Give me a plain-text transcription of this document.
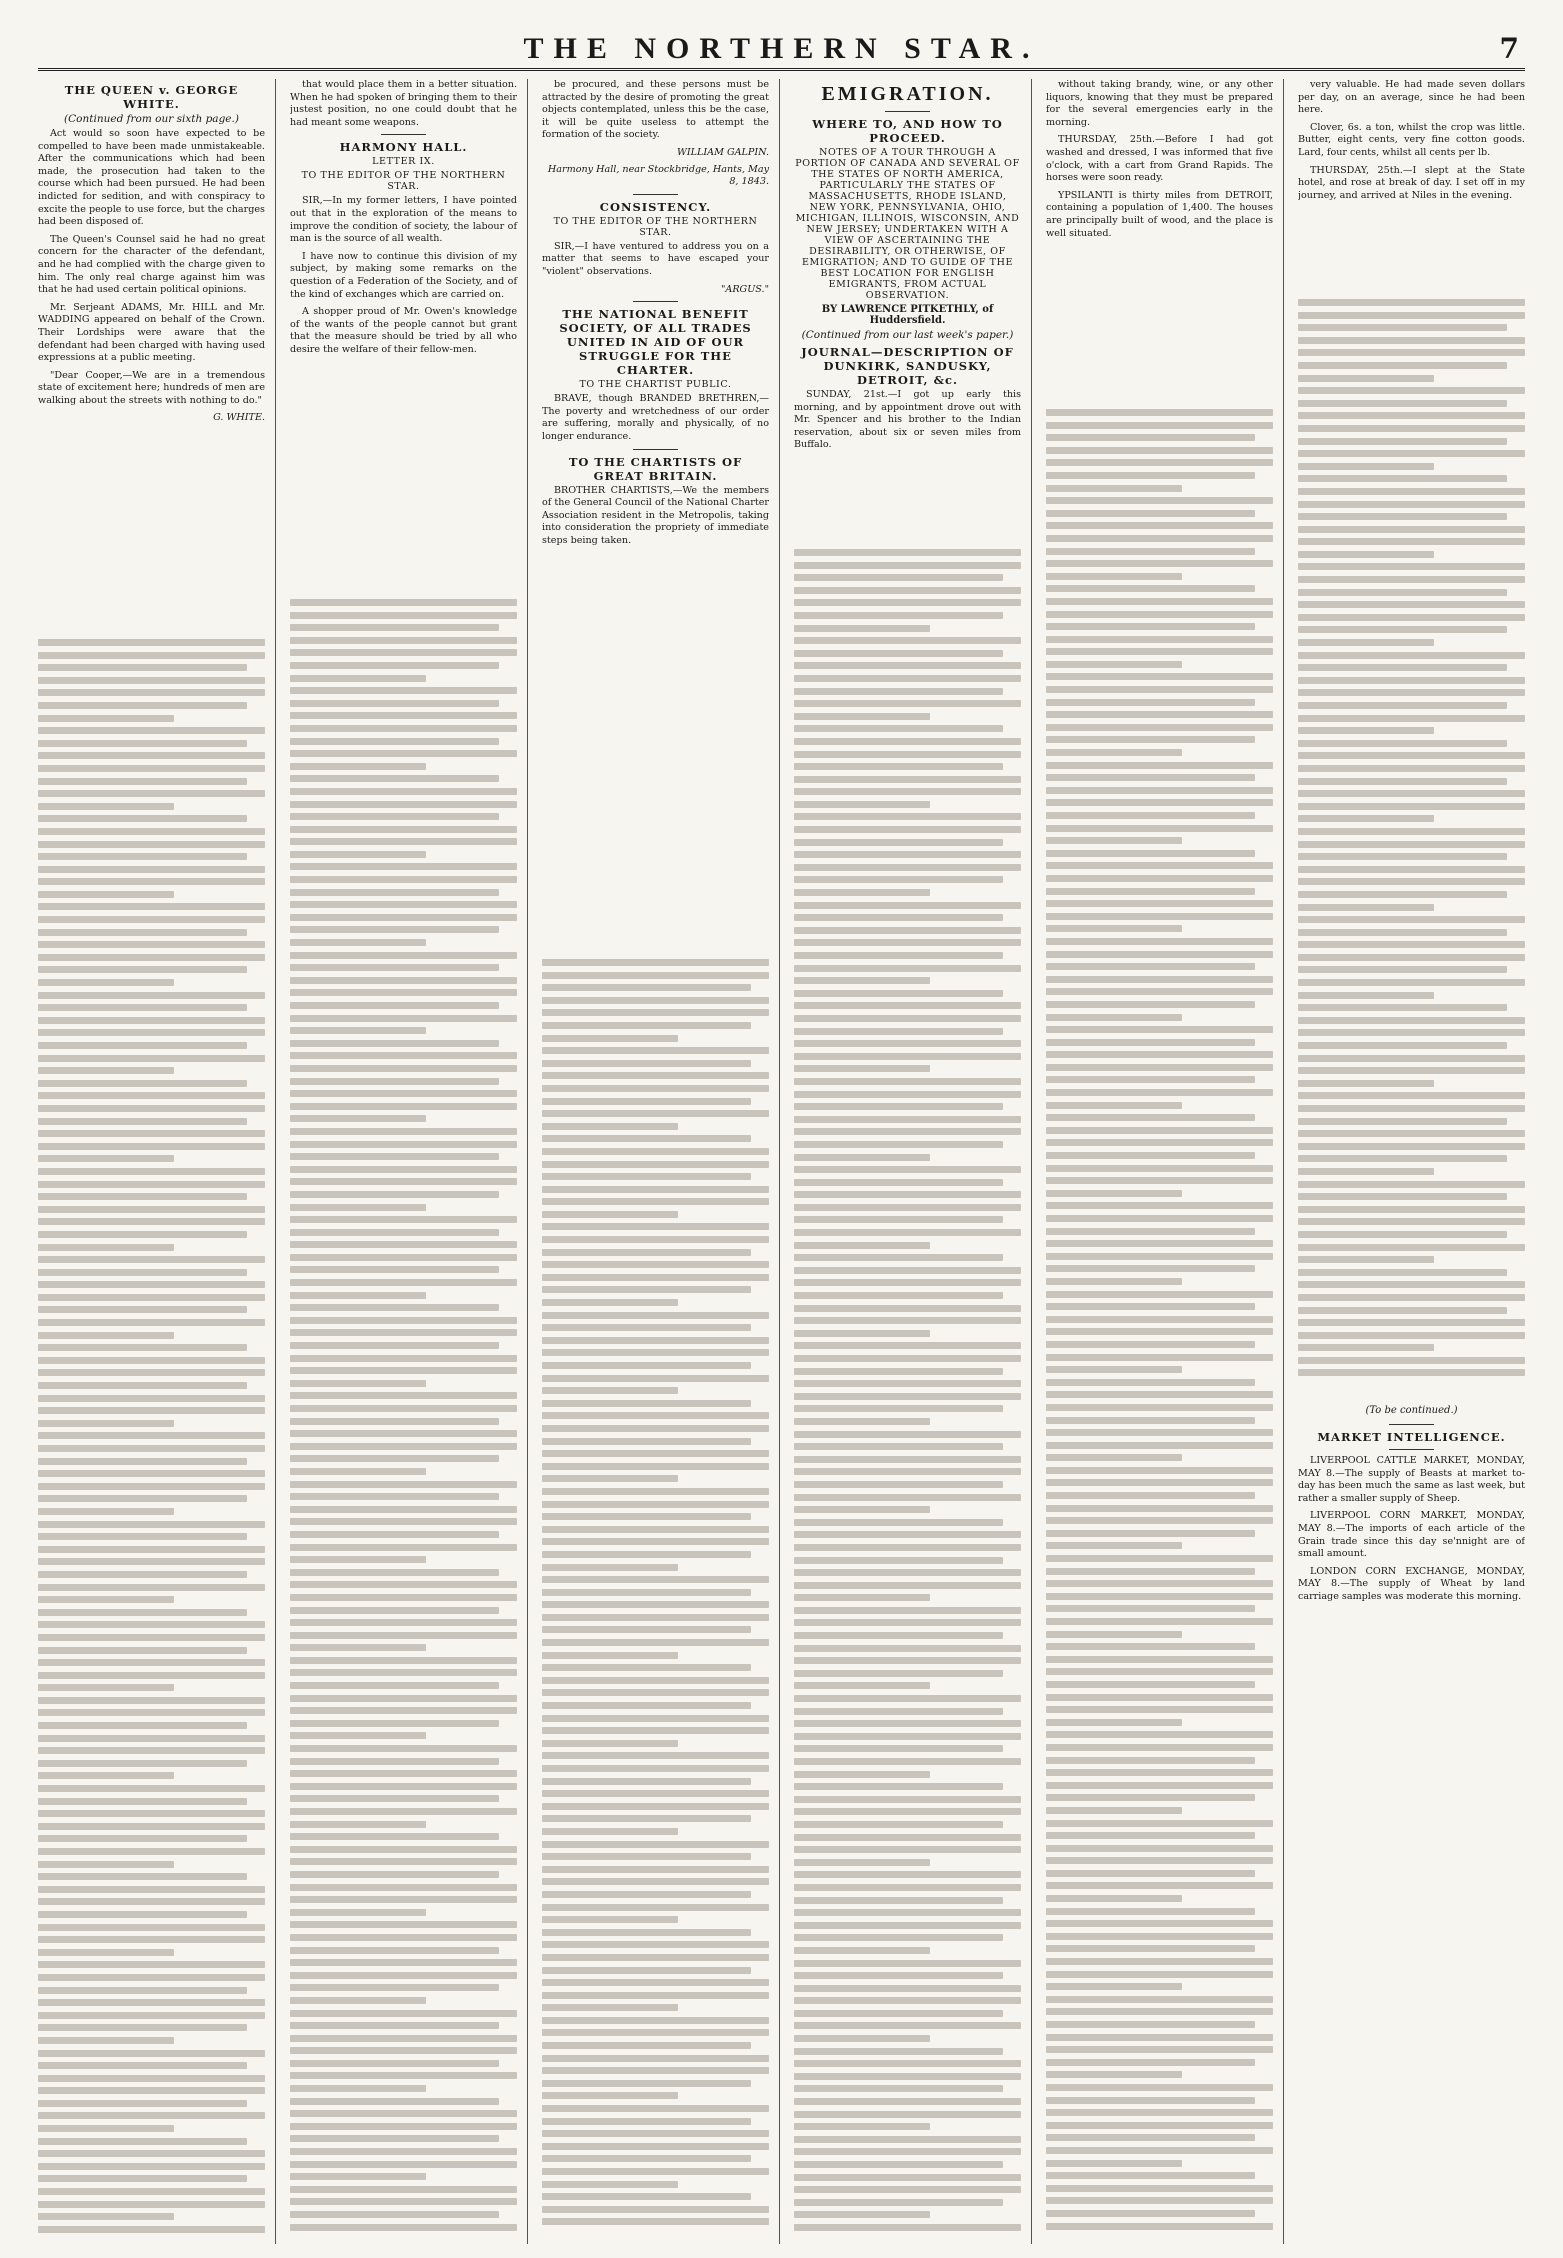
THE NORTHERN STAR.	7
THE QUEEN v. GEORGE WHITE.
(Continued from our sixth page.)

Act would so soon have expected to be compelled to have been made unmistakeable. After the communications which had been made, the prosecution had taken to the course which had been pursued. He had been indicted for sedition, and with conspiracy to excite the people to use force, but the charges had been disposed of.

The Queen's Counsel said he had no great concern for the character of the defendant, and he had complied with the charge given to him. The only real charge against him was that he had used certain political opinions.

Mr. Serjeant ADAMS, Mr. HILL and Mr. WADDING appeared on behalf of the Crown. Their Lordships were aware that the defendant had been charged with having used expressions at a public meeting.

"Dear Cooper,—We are in a tremendous state of excitement here; hundreds of men are walking about the streets with nothing to do."

G. WHITE.

that would place them in a better situation. When he had spoken of bringing them to their justest position, no one could doubt that he had meant some weapons.

HARMONY HALL.
LETTER IX.
TO THE EDITOR OF THE NORTHERN STAR.

SIR,—In my former letters, I have pointed out that in the exploration of the means to improve the condition of society, the labour of man is the source of all wealth.

I have now to continue this division of my subject, by making some remarks on the question of a Federation of the Society, and of the kind of exchanges which are carried on.

A shopper proud of Mr. Owen's knowledge of the wants of the people cannot but grant that the measure should be tried by all who desire the welfare of their fellow-men.

be procured, and these persons must be attracted by the desire of promoting the great objects contemplated, unless this be the case, it will be quite useless to attempt the formation of the society.

WILLIAM GALPIN.

Harmony Hall, near Stockbridge, Hants, May 8, 1843.

CONSISTENCY.
TO THE EDITOR OF THE NORTHERN STAR.

SIR,—I have ventured to address you on a matter that seems to have escaped your "violent" observations.

"ARGUS."

THE NATIONAL BENEFIT SOCIETY, OF ALL TRADES UNITED IN AID OF OUR STRUGGLE FOR THE CHARTER.
TO THE CHARTIST PUBLIC.

BRAVE, though BRANDED BRETHREN,—The poverty and wretchedness of our order are suffering, morally and physically, of no longer endurance.

TO THE CHARTISTS OF GREAT BRITAIN.

BROTHER CHARTISTS,—We the members of the General Council of the National Charter Association resident in the Metropolis, taking into consideration the propriety of immediate steps being taken.

EMIGRATION.
WHERE TO, AND HOW TO PROCEED.
NOTES OF A TOUR THROUGH A PORTION OF CANADA AND SEVERAL OF THE STATES OF NORTH AMERICA, PARTICULARLY THE STATES OF MASSACHUSETTS, RHODE ISLAND, NEW YORK, PENNSYLVANIA, OHIO, MICHIGAN, ILLINOIS, WISCONSIN, AND NEW JERSEY; UNDERTAKEN WITH A VIEW OF ASCERTAINING THE DESIRABILITY, OR OTHERWISE, OF EMIGRATION; AND TO GUIDE OF THE BEST LOCATION FOR ENGLISH EMIGRANTS, FROM ACTUAL OBSERVATION.
BY LAWRENCE PITKETHLY, of Huddersfield.
(Continued from our last week's paper.)
JOURNAL—DESCRIPTION OF DUNKIRK, SANDUSKY, DETROIT, &c.

SUNDAY, 21st.—I got up early this morning, and by appointment drove out with Mr. Spencer and his brother to the Indian reservation, about six or seven miles from Buffalo.

without taking brandy, wine, or any other liquors, knowing that they must be prepared for the several emergencies early in the morning.

THURSDAY, 25th.—Before I had got washed and dressed, I was informed that five o'clock, with a cart from Grand Rapids. The horses were soon ready.

YPSILANTI is thirty miles from DETROIT, containing a population of 1,400. The houses are principally built of wood, and the place is well situated.

very valuable. He had made seven dollars per day, on an average, since he had been here.

Clover, 6s. a ton, whilst the crop was little. Butter, eight cents, very fine cotton goods. Lard, four cents, whilst all cents per lb.

THURSDAY, 25th.—I slept at the State hotel, and rose at break of day. I set off in my journey, and arrived at Niles in the evening.

(To be continued.)
MARKET INTELLIGENCE.

LIVERPOOL CATTLE MARKET, MONDAY, MAY 8.—The supply of Beasts at market to-day has been much the same as last week, but rather a smaller supply of Sheep.

LIVERPOOL CORN MARKET, MONDAY, MAY 8.—The imports of each article of the Grain trade since this day se'nnight are of small amount.

LONDON CORN EXCHANGE, MONDAY, MAY 8.—The supply of Wheat by land carriage samples was moderate this morning.
